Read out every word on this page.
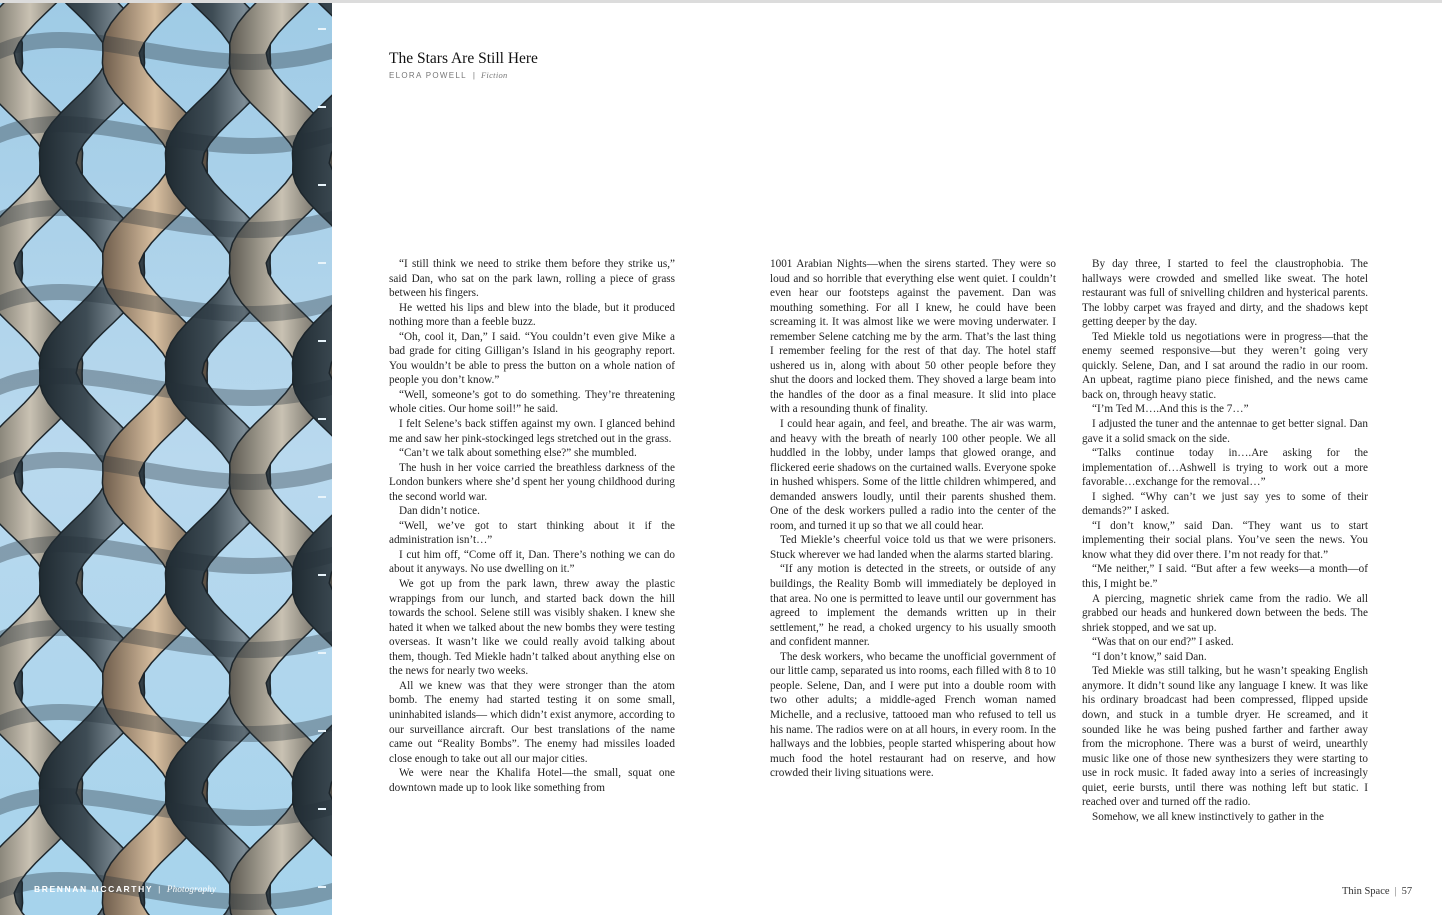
BRENNAN MCCARTHY | Photography
The Stars Are Still Here
ELORA POWELL | Fiction

“I still think we need to strike them before they strike us,” said Dan, who sat on the park lawn, rolling a piece of grass between his fingers.

He wetted his lips and blew into the blade, but it produced nothing more than a feeble buzz.

“Oh, cool it, Dan,” I said. “You couldn’t even give Mike a bad grade for citing Gilligan’s Island in his geography report. You wouldn’t be able to press the button on a whole nation of people you don’t know.”

“Well, someone’s got to do something. They’re threatening whole cities. Our home soil!” he said.

I felt Selene’s back stiffen against my own. I glanced behind me and saw her pink-stockinged legs stretched out in the grass.

“Can’t we talk about something else?” she mumbled.

The hush in her voice carried the breathless darkness of the London bunkers where she’d spent her young childhood during the second world war.

Dan didn’t notice.

“Well, we’ve got to start thinking about it if the administration isn’t…”

I cut him off, “Come off it, Dan. There’s nothing we can do about it anyways. No use dwelling on it.”

We got up from the park lawn, threw away the plastic wrappings from our lunch, and started back down the hill towards the school. Selene still was visibly shaken. I knew she hated it when we talked about the new bombs they were testing overseas. It wasn’t like we could really avoid talking about them, though. Ted Miekle hadn’t talked about anything else on the news for nearly two weeks.

All we knew was that they were stronger than the atom bomb. The enemy had started testing it on some small, uninhabited islands— which didn’t exist anymore, according to our surveillance aircraft. Our best translations of the name came out “Reality Bombs”. The enemy had missiles loaded close enough to take out all our major cities.

We were near the Khalifa Hotel—the small, squat one downtown made up to look like something from

1001 Arabian Nights—when the sirens started. They were so loud and so horrible that everything else went quiet. I couldn’t even hear our footsteps against the pavement. Dan was mouthing something. For all I knew, he could have been screaming it. It was almost like we were moving underwater. I remember Selene catching me by the arm. That’s the last thing I remember feeling for the rest of that day. The hotel staff ushered us in, along with about 50 other people before they shut the doors and locked them. They shoved a large beam into the handles of the door as a final measure. It slid into place with a resounding thunk of finality.

I could hear again, and feel, and breathe. The air was warm, and heavy with the breath of nearly 100 other people. We all huddled in the lobby, under lamps that glowed orange, and flickered eerie shadows on the curtained walls. Everyone spoke in hushed whispers. Some of the little children whimpered, and demanded answers loudly, until their parents shushed them. One of the desk workers pulled a radio into the center of the room, and turned it up so that we all could hear.

Ted Miekle’s cheerful voice told us that we were prisoners. Stuck wherever we had landed when the alarms started blaring.

“If any motion is detected in the streets, or outside of any buildings, the Reality Bomb will immediately be deployed in that area. No one is permitted to leave until our government has agreed to implement the demands written up in their settlement,” he read, a choked urgency to his usually smooth and confident manner.

The desk workers, who became the unofficial government of our little camp, separated us into rooms, each filled with 8 to 10 people. Selene, Dan, and I were put into a double room with two other adults; a middle-aged French woman named Michelle, and a reclusive, tattooed man who refused to tell us his name. The radios were on at all hours, in every room. In the hallways and the lobbies, people started whispering about how much food the hotel restaurant had on reserve, and how crowded their living situations were.

By day three, I started to feel the claustrophobia. The hallways were crowded and smelled like sweat. The hotel restaurant was full of snivelling children and hysterical parents. The lobby carpet was frayed and dirty, and the shadows kept getting deeper by the day.

Ted Miekle told us negotiations were in progress—that the enemy seemed responsive—but they weren’t going very quickly. Selene, Dan, and I sat around the radio in our room. An upbeat, ragtime piano piece finished, and the news came back on, through heavy static.

“I’m Ted M….And this is the 7…”

I adjusted the tuner and the antennae to get better signal. Dan gave it a solid smack on the side.

“Talks continue today in….Are asking for the implementation of…Ashwell is trying to work out a more favorable…exchange for the removal…”

I sighed. “Why can’t we just say yes to some of their demands?” I asked.

“I don’t know,” said Dan. “They want us to start implementing their social plans. You’ve seen the news. You know what they did over there. I’m not ready for that.”

“Me neither,” I said. “But after a few weeks—a month—of this, I might be.”

A piercing, magnetic shriek came from the radio. We all grabbed our heads and hunkered down between the beds. The shriek stopped, and we sat up.

“Was that on our end?” I asked.

“I don’t know,” said Dan.

Ted Miekle was still talking, but he wasn’t speaking English anymore. It didn’t sound like any language I knew. It was like his ordinary broadcast had been compressed, flipped upside down, and stuck in a tumble dryer. He screamed, and it sounded like he was being pushed farther and farther away from the microphone. There was a burst of weird, unearthly music like one of those new synthesizers they were starting to use in rock music. It faded away into a series of increasingly quiet, eerie bursts, until there was nothing left but static. I reached over and turned off the radio.

Somehow, we all knew instinctively to gather in the

Thin Space | 57
